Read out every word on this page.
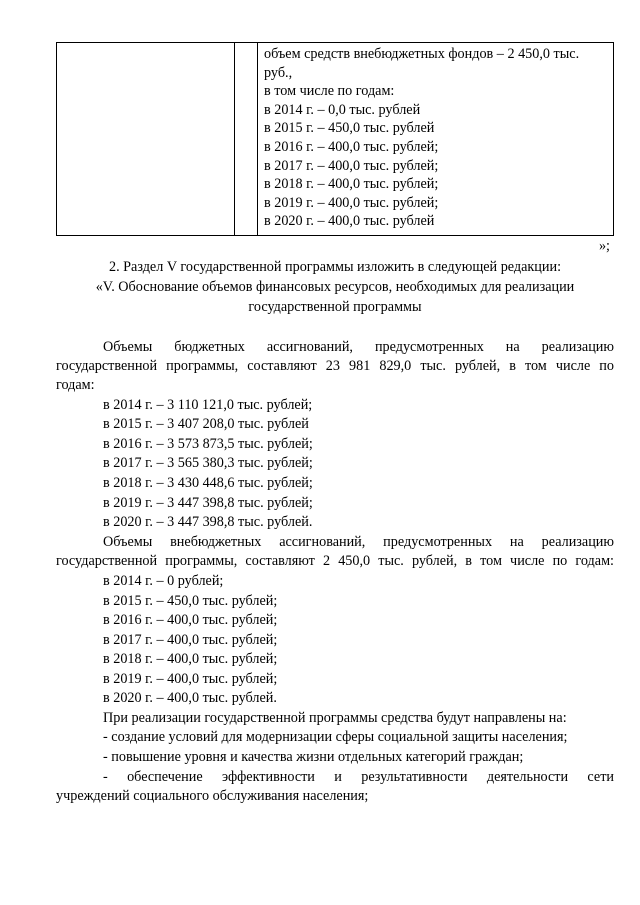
объем средств внебюджетных фондов – 2 450,0 тыс.
руб.,
в том числе по годам:
в 2014 г. – 0,0 тыс. рублей
в 2015 г. – 450,0 тыс. рублей
в 2016 г. – 400,0 тыс. рублей;
в 2017 г. – 400,0 тыс. рублей;
в 2018 г. – 400,0 тыс. рублей;
в 2019 г. – 400,0 тыс. рублей;
в 2020 г. – 400,0 тыс. рублей
»;
2. Раздел V государственной программы изложить в следующей редакции:
«V. Обоснование объемов финансовых ресурсов, необходимых для реализации
государственной программы
Объемы бюджетных ассигнований, предусмотренных на реализацию
государственной программы, составляют 23 981 829,0 тыс. рублей, в том числе по
годам:
в 2014 г. – 3 110 121,0 тыс. рублей;
в 2015 г. – 3 407 208,0 тыс. рублей
в 2016 г. – 3 573 873,5 тыс. рублей;
в 2017 г. – 3 565 380,3 тыс. рублей;
в 2018 г. – 3 430 448,6 тыс. рублей;
в 2019 г. – 3 447 398,8 тыс. рублей;
в 2020 г. – 3 447 398,8 тыс. рублей.
Объемы внебюджетных ассигнований, предусмотренных на реализацию
государственной программы, составляют 2 450,0 тыс. рублей, в том числе по годам:
в 2014 г. – 0 рублей;
в 2015 г. – 450,0 тыс. рублей;
в 2016 г. – 400,0 тыс. рублей;
в 2017 г. – 400,0 тыс. рублей;
в 2018 г. – 400,0 тыс. рублей;
в 2019 г. – 400,0 тыс. рублей;
в 2020 г. – 400,0 тыс. рублей.
При реализации государственной программы средства будут направлены на:
- создание условий для модернизации сферы социальной защиты населения;
- повышение уровня и качества жизни отдельных категорий граждан;
- обеспечение эффективности и результативности деятельности сети
учреждений социального обслуживания населения;
